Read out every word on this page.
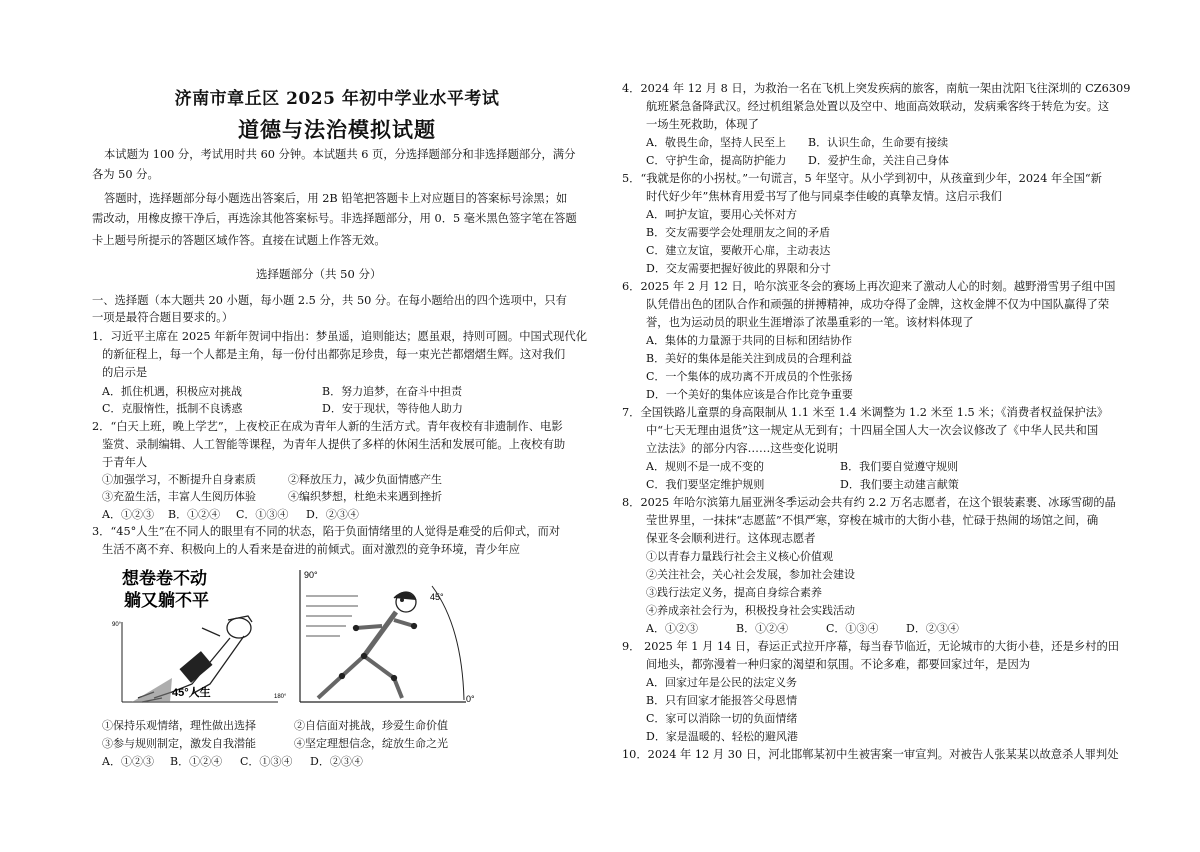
济南市章丘区 2025 年初中学业水平考试
道德与法治模拟试题
本试题为 100 分，考试用时共 60 分钟。本试题共 6 页，分选择题部分和非选择题部分，满分
各为 50 分。
答题时，选择题部分每小题选出答案后，用 2B 铅笔把答题卡上对应题目的答案标号涂黑；如
需改动，用橡皮擦干净后，再选涂其他答案标号。非选择题部分，用 0．5 毫米黑色签字笔在答题
卡上题号所提示的答题区域作答。直接在试题上作答无效。
选择题部分（共 50 分）
一、选择题（本大题共 20 小题，每小题 2.5 分，共 50 分。在每小题给出的四个选项中，只有
一项是最符合题目要求的。）
1．习近平主席在 2025 年新年贺词中指出：梦虽遥，追则能达；愿虽艰，持则可圆。中国式现代化
的新征程上，每一个人都是主角，每一份付出都弥足珍贵，每一束光芒都熠熠生辉。这对我们
的启示是
A．抓住机遇，积极应对挑战	B．努力追梦，在奋斗中担责
C．克服惰性，抵制不良诱惑	D．安于现状，等待他人助力
2．“白天上班，晚上学艺”，上夜校正在成为青年人新的生活方式。青年夜校有非遗制作、电影
鉴赏、录制编辑、人工智能等课程，为青年人提供了多样的休闲生活和发展可能。上夜校有助
于青年人
①加强学习，不断提升自身素质	②释放压力，减少负面情感产生
③充盈生活，丰富人生阅历体验	④编织梦想，杜绝未来遇到挫折
A．①②③ B．①②④ C．①③④ D．②③④
3．“45°人生”在不同人的眼里有不同的状态，陷于负面情绪里的人觉得是难受的后仰式，而对
生活不离不弃、积极向上的人看来是奋进的前倾式。面对激烈的竞争环境，青少年应
想卷卷不动
躺又躺不平
90°
180°
45°人生
90°
45°
0°
①保持乐观情绪，理性做出选择	②自信面对挑战，珍爱生命价值
③参与规则制定，激发自我潜能	④坚定理想信念，绽放生命之光
A．①②③ B．①②④ C．①③④ D．②③④
4．2024 年 12 月 8 日，为救治一名在飞机上突发疾病的旅客，南航一架由沈阳飞往深圳的 CZ6309
航班紧急备降武汉。经过机组紧急处置以及空中、地面高效联动，发病乘客终于转危为安。这
一场生死救助，体现了
A．敬畏生命，坚持人民至上 B．认识生命，生命要有接续
C．守护生命，提高防护能力 D．爱护生命，关注自己身体
5．“我就是你的小拐杖。”一句谎言，5 年坚守。从小学到初中，从孩童到少年，2024 年全国“新
时代好少年”焦林育用爱书写了他与同桌李佳峻的真挚友情。这启示我们
A．呵护友谊，要用心关怀对方
B．交友需要学会处理朋友之间的矛盾
C．建立友谊，要敞开心扉，主动表达
D．交友需要把握好彼此的界限和分寸
6．2025 年 2 月 12 日，哈尔滨亚冬会的赛场上再次迎来了激动人心的时刻。越野滑雪男子组中国
队凭借出色的团队合作和顽强的拼搏精神，成功夺得了金牌，这枚金牌不仅为中国队赢得了荣
誉，也为运动员的职业生涯增添了浓墨重彩的一笔。该材料体现了
A．集体的力量源于共同的目标和团结协作
B．美好的集体是能关注到成员的合理利益
C．一个集体的成功离不开成员的个性张扬
D．一个美好的集体应该是合作比竞争重要
7．全国铁路儿童票的身高限制从 1.1 米至 1.4 米调整为 1.2 米至 1.5 米；《消费者权益保护法》
中“七天无理由退货”这一规定从无到有；十四届全国人大一次会议修改了《中华人民共和国
立法法》的部分内容……这些变化说明
A．规则不是一成不变的	B．我们要自觉遵守规则
C．我们要坚定维护规则	D．我们要主动建言献策
8．2025 年哈尔滨第九届亚洲冬季运动会共有约 2.2 万名志愿者，在这个银装素裹、冰琢雪砌的晶
莹世界里，一抹抹“志愿蓝”不惧严寒，穿梭在城市的大街小巷，忙碌于热闹的场馆之间，确
保亚冬会顺利进行。这体现志愿者
①以青春力量践行社会主义核心价值观
②关注社会，关心社会发展，参加社会建设
③践行法定义务，提高自身综合素养
④养成亲社会行为，积极投身社会实践活动
A．①②③	B．①②④	C．①③④	D．②③④
9． 2025 年 1 月 14 日，春运正式拉开序幕，每当春节临近，无论城市的大街小巷，还是乡村的田
间地头，都弥漫着一种归家的渴望和氛围。不论多难，都要回家过年，是因为
A．回家过年是公民的法定义务
B．只有回家才能报答父母恩情
C．家可以消除一切的负面情绪
D．家是温暖的、轻松的避风港
10．2024 年 12 月 30 日，河北邯郸某初中生被害案一审宣判。对被告人张某某以故意杀人罪判处
